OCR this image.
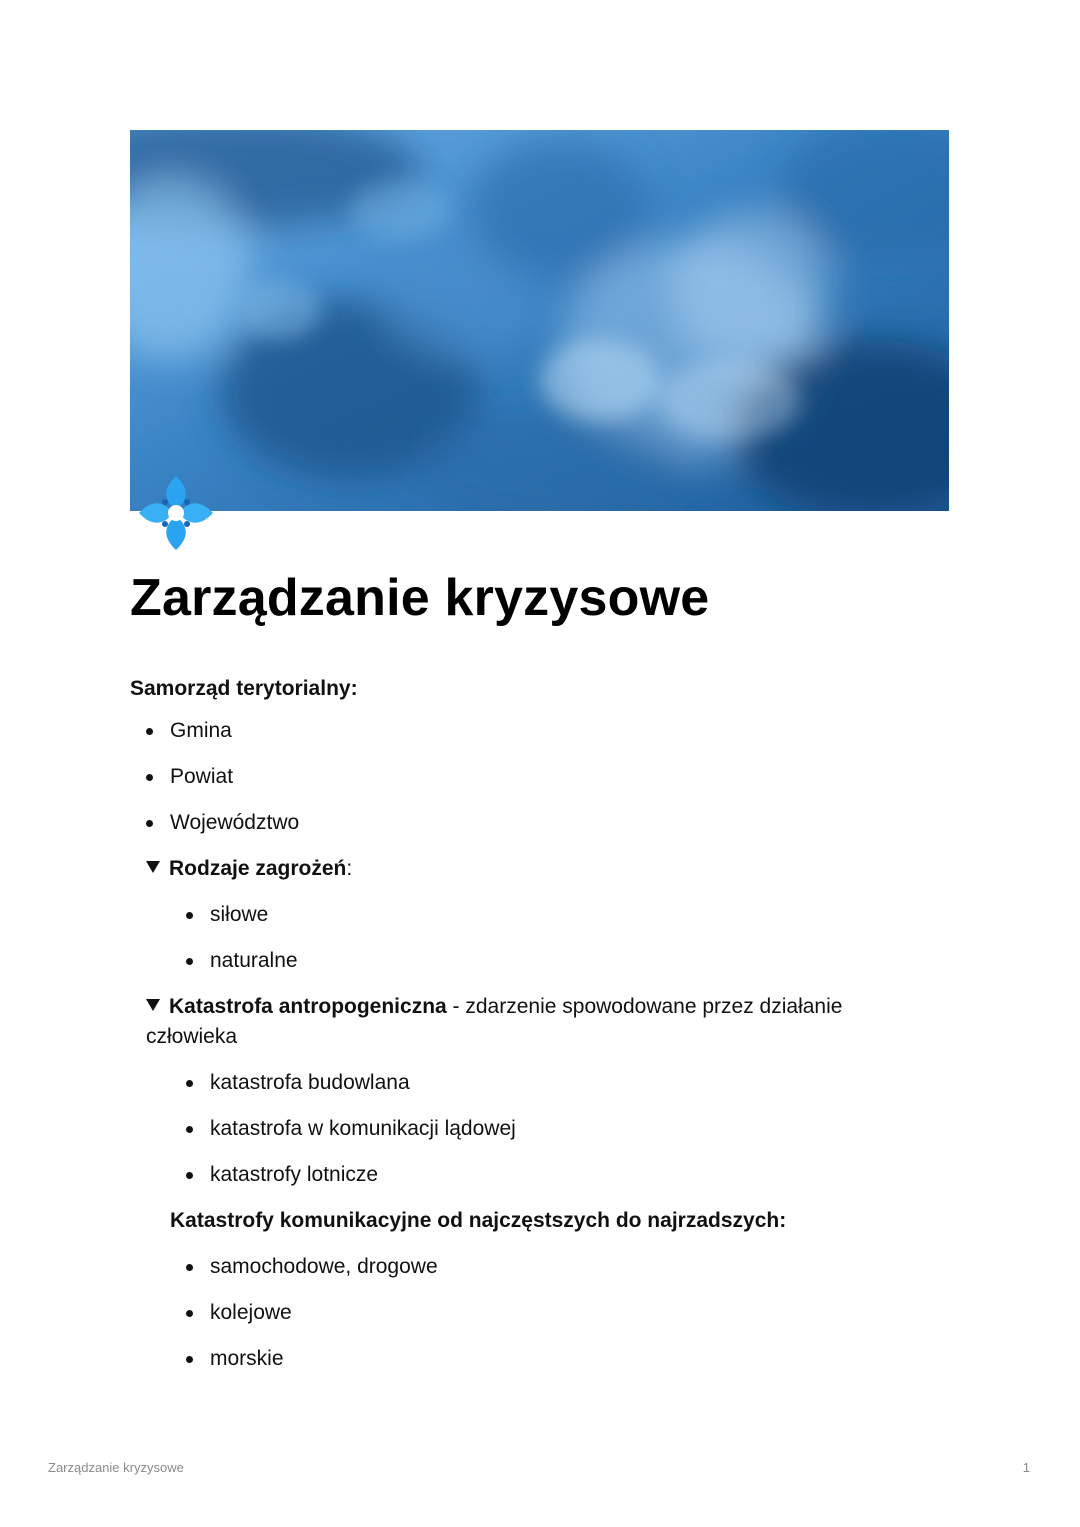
Zarządzanie kryzysowe
Samorząd terytorialny:
Gmina
Powiat
Województwo
Rodzaje zagrożeń:
siłowe
naturalne
Katastrofa antropogeniczna - zdarzenie spowodowane przez działanie człowieka
katastrofa budowlana
katastrofa w komunikacji lądowej
katastrofy lotnicze
Katastrofy komunikacyjne od najczęstszych do najrzadszych:
samochodowe, drogowe
kolejowe
morskie
Zarządzanie kryzysowe	1
